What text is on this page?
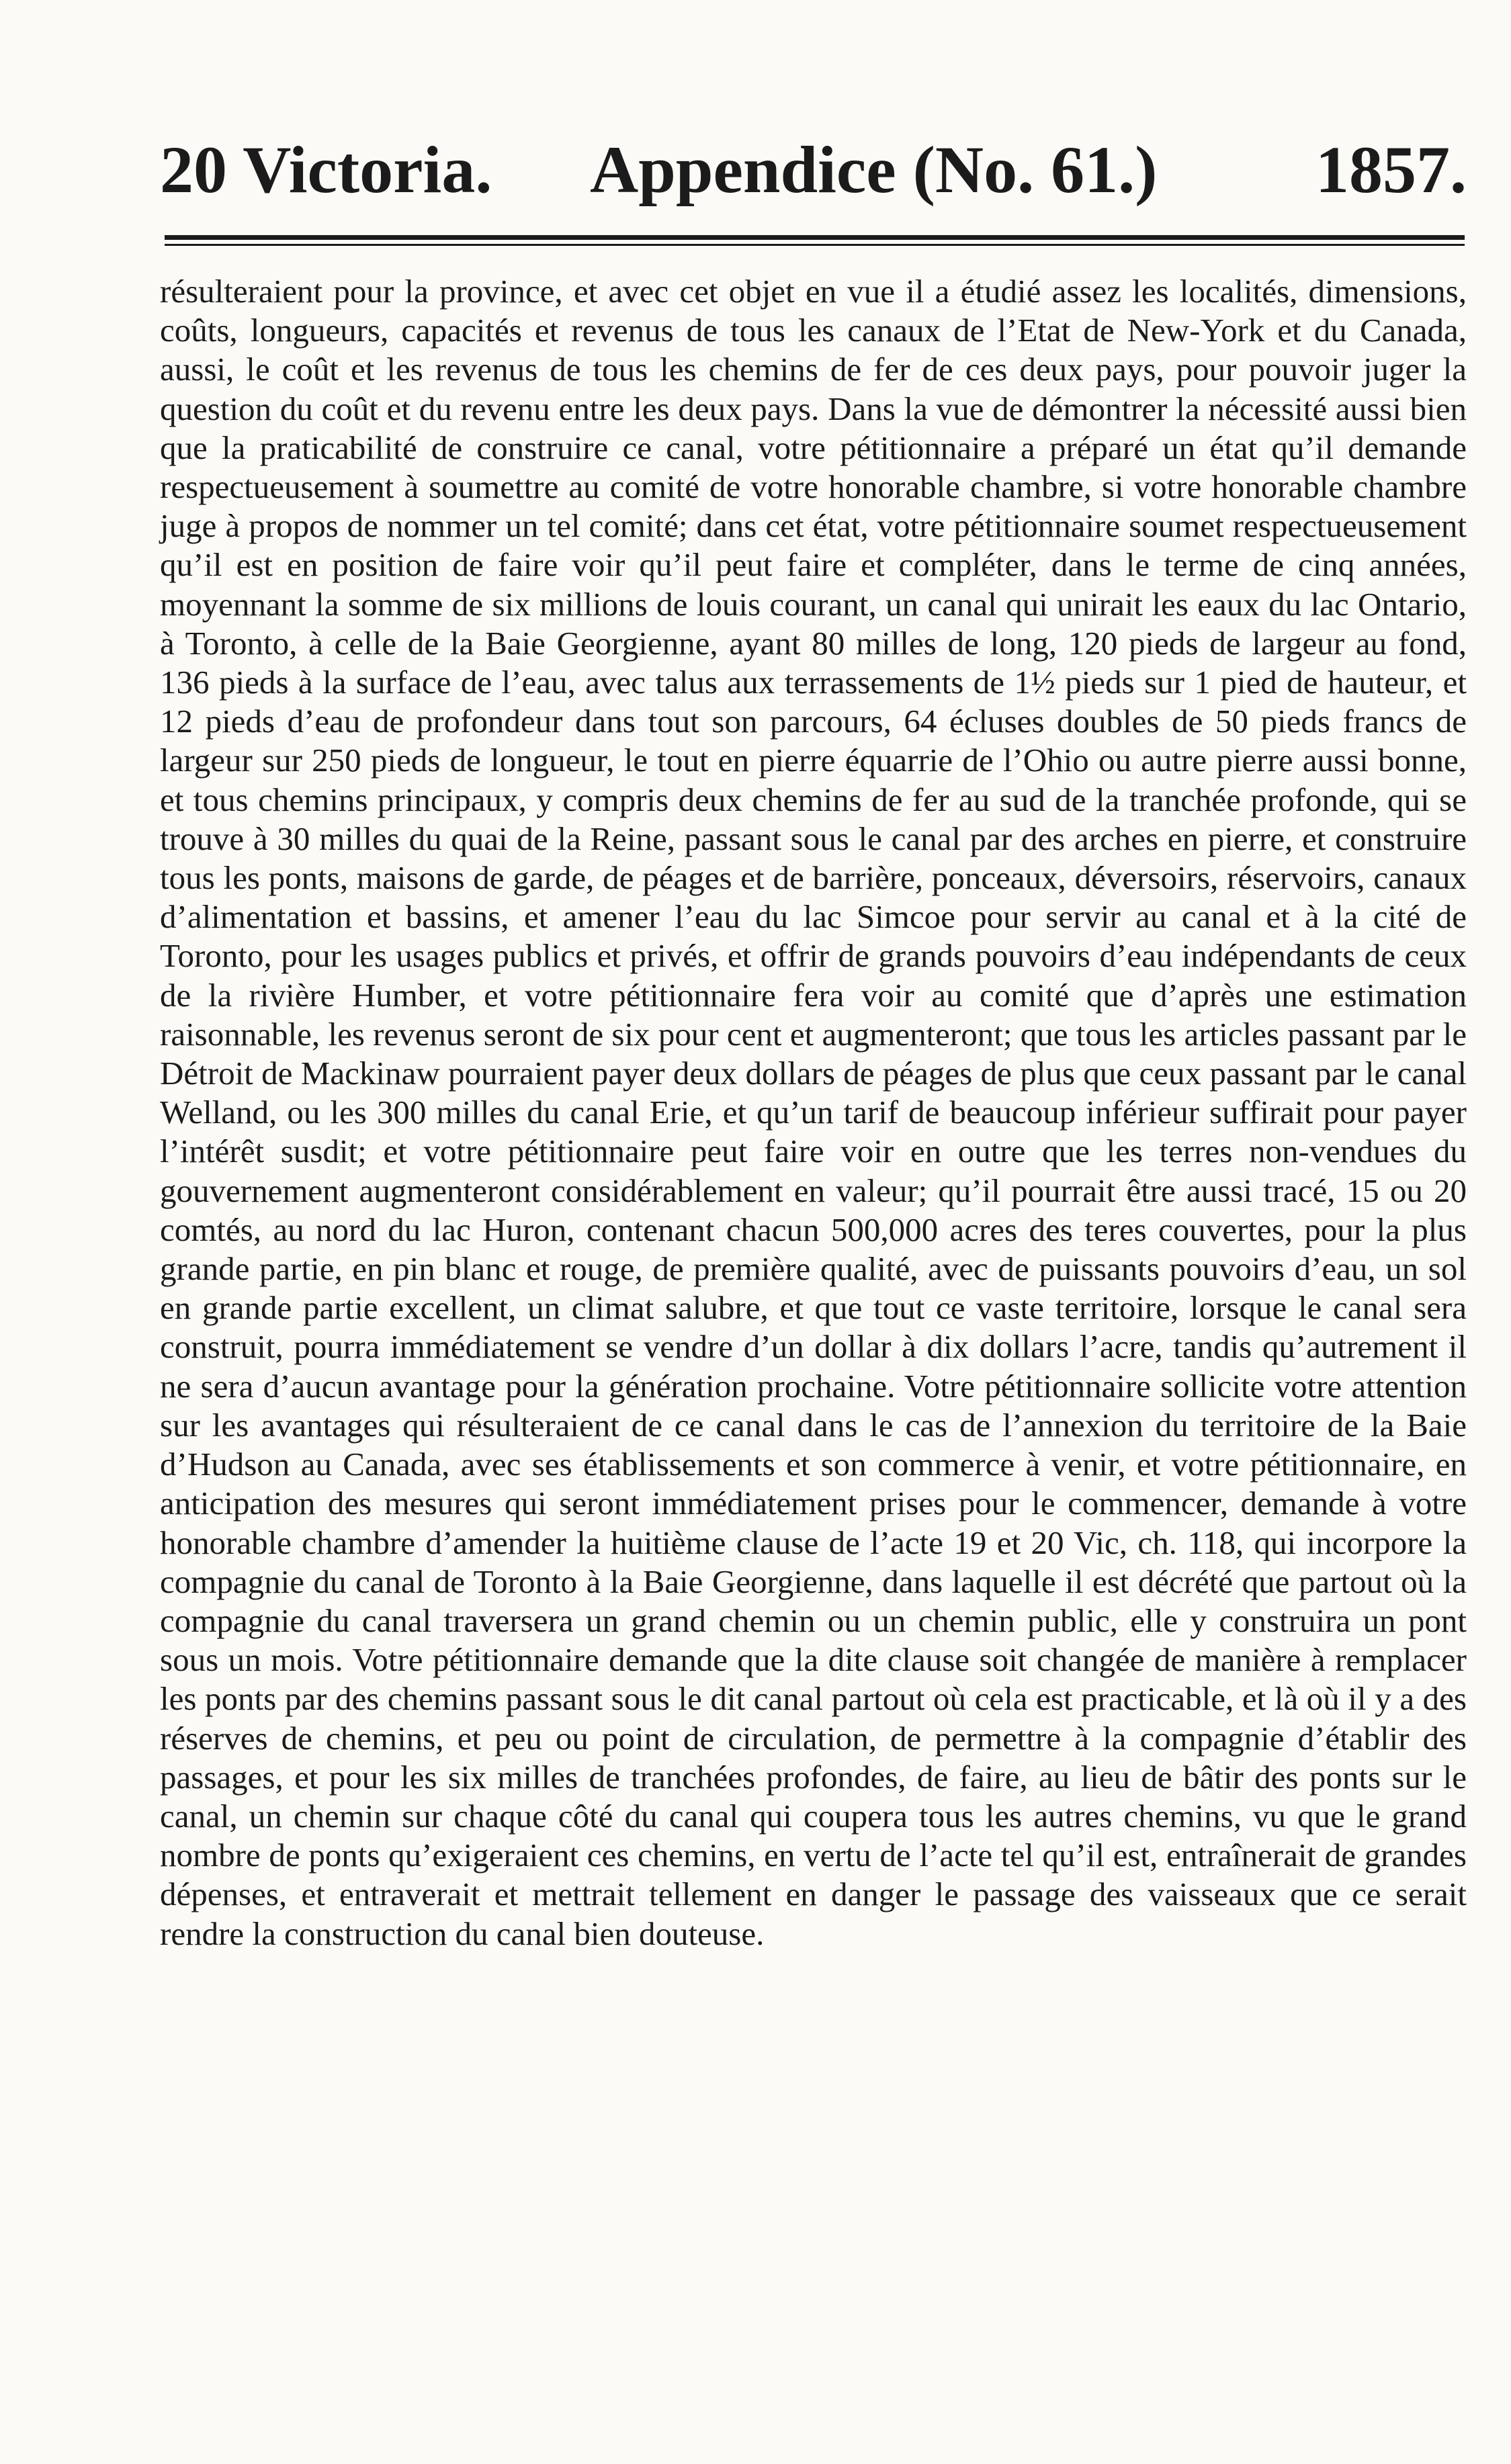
20 Victoria. Appendice (No. 61.) 1857.

résulteraient pour la province, et avec cet objet en vue il a étudié assez les localités, dimensions, coûts, longueurs, capacités et revenus de tous les canaux de l’Etat de New-York et du Canada, aussi, le coût et les revenus de tous les chemins de fer de ces deux pays, pour pouvoir juger la question du coût et du revenu entre les deux pays. Dans la vue de démontrer la nécessité aussi bien que la praticabilité de construire ce canal, votre pétitionnaire a préparé un état qu’il demande respectueusement à soumettre au comité de votre honorable chambre, si votre honorable chambre juge à propos de nommer un tel comité; dans cet état, votre pétitionnaire soumet respectueusement qu’il est en position de faire voir qu’il peut faire et compléter, dans le terme de cinq années, moyennant la somme de six millions de louis courant, un canal qui unirait les eaux du lac Ontario, à Toronto, à celle de la Baie Georgienne, ayant 80 milles de long, 120 pieds de largeur au fond, 136 pieds à la surface de l’eau, avec talus aux terrassements de 1½ pieds sur 1 pied de hauteur, et 12 pieds d’eau de profondeur dans tout son parcours, 64 écluses doubles de 50 pieds francs de largeur sur 250 pieds de longueur, le tout en pierre équarrie de l’Ohio ou autre pierre aussi bonne, et tous chemins principaux, y compris deux chemins de fer au sud de la tranchée profonde, qui se trouve à 30 milles du quai de la Reine, passant sous le canal par des arches en pierre, et construire tous les ponts, maisons de garde, de péages et de barrière, ponceaux, déversoirs, réservoirs, canaux d’alimentation et bassins, et amener l’eau du lac Simcoe pour servir au canal et à la cité de Toronto, pour les usages publics et privés, et offrir de grands pouvoirs d’eau indépendants de ceux de la rivière Humber, et votre pétitionnaire fera voir au comité que d’après une estimation raisonnable, les revenus seront de six pour cent et augmenteront; que tous les articles passant par le Détroit de Mackinaw pourraient payer deux dollars de péages de plus que ceux passant par le canal Welland, ou les 300 milles du canal Erie, et qu’un tarif de beaucoup inférieur suffirait pour payer l’intérêt susdit; et votre pétitionnaire peut faire voir en outre que les terres non-vendues du gouvernement augmenteront considérablement en valeur; qu’il pourrait être aussi tracé, 15 ou 20 comtés, au nord du lac Huron, contenant chacun 500,000 acres des teres couvertes, pour la plus grande partie, en pin blanc et rouge, de première qualité, avec de puissants pouvoirs d’eau, un sol en grande partie excellent, un climat salubre, et que tout ce vaste territoire, lorsque le canal sera construit, pourra immédiatement se vendre d’un dollar à dix dollars l’acre, tandis qu’autrement il ne sera d’aucun avantage pour la génération prochaine. Votre pétitionnaire sollicite votre attention sur les avantages qui résulteraient de ce canal dans le cas de l’annexion du territoire de la Baie d’Hudson au Canada, avec ses établissements et son commerce à venir, et votre pétitionnaire, en anticipation des mesures qui seront immédiatement prises pour le commencer, demande à votre honorable chambre d’amender la huitième clause de l’acte 19 et 20 Vic, ch. 118, qui incorpore la compagnie du canal de Toronto à la Baie Georgienne, dans laquelle il est décrété que partout où la compagnie du canal traversera un grand chemin ou un chemin public, elle y construira un pont sous un mois. Votre pétitionnaire demande que la dite clause soit changée de manière à remplacer les ponts par des chemins passant sous le dit canal partout où cela est practicable, et là où il y a des réserves de chemins, et peu ou point de circulation, de permettre à la compagnie d’établir des passages, et pour les six milles de tranchées profondes, de faire, au lieu de bâtir des ponts sur le canal, un chemin sur chaque côté du canal qui coupera tous les autres chemins, vu que le grand nombre de ponts qu’exigeraient ces chemins, en vertu de l’acte tel qu’il est, entraînerait de grandes dépenses, et entraverait et mettrait tellement en danger le passage des vaisseaux que ce serait rendre la construction du canal bien douteuse.
